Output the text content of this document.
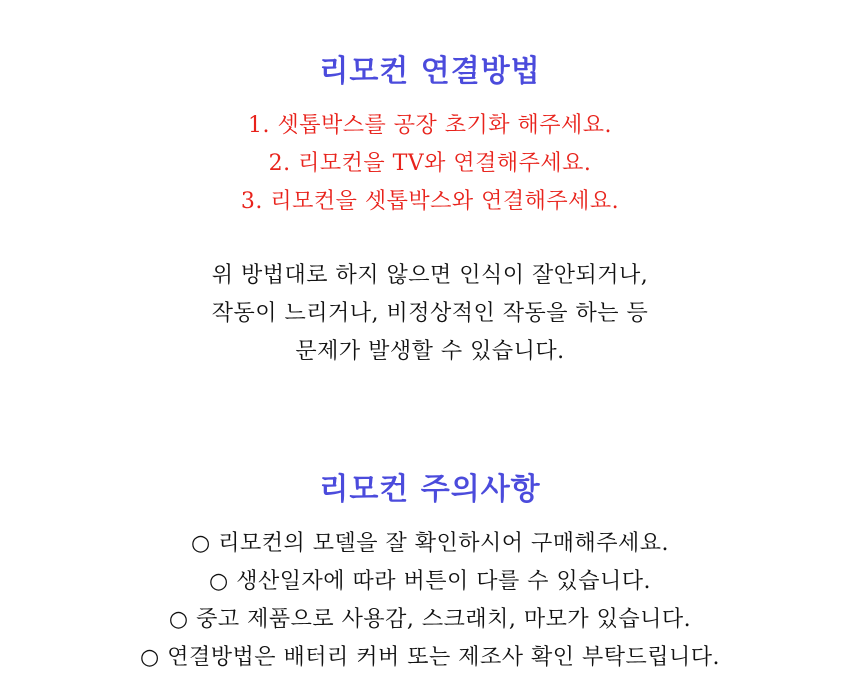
리모컨 연결방법
1. 셋톱박스를 공장 초기화 해주세요.
2. 리모컨을 TV와 연결해주세요.
3. 리모컨을 셋톱박스와 연결해주세요.
위 방법대로 하지 않으면 인식이 잘안되거나,
작동이 느리거나, 비정상적인 작동을 하는 등
문제가 발생할 수 있습니다.
리모컨 주의사항
○ 리모컨의 모델을 잘 확인하시어 구매해주세요.
○ 생산일자에 따라 버튼이 다를 수 있습니다.
○ 중고 제품으로 사용감, 스크래치, 마모가 있습니다.
○ 연결방법은 배터리 커버 또는 제조사 확인 부탁드립니다.
